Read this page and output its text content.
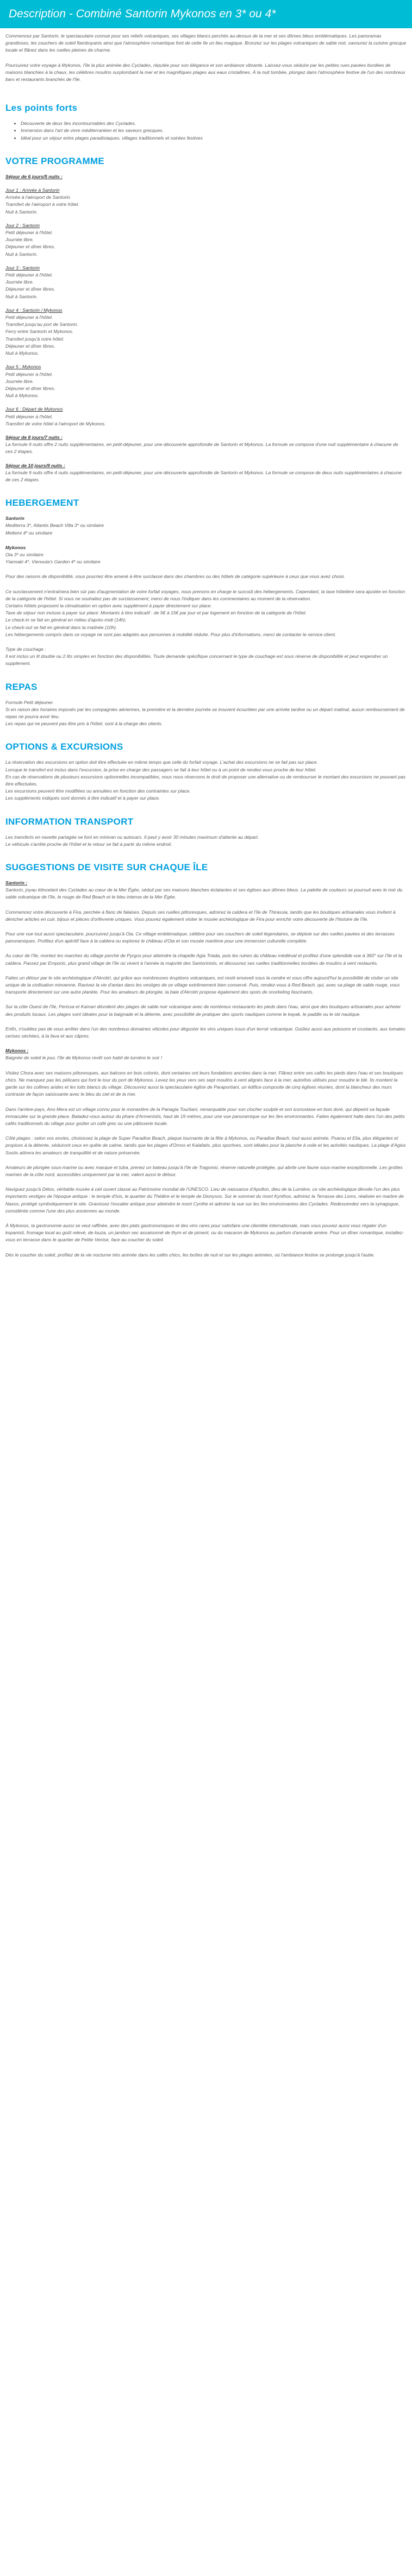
Description - Combiné Santorin Mykonos en 3* ou 4*

Commencez par Santorin, le spectaculaire connue pour ses reliefs volcaniques, ses villages blancs perchés au-dessus de la mer et ses dômes bleus emblématiques. Les panoramas grandioses, les couchers de soleil flamboyants ainsi que l'atmosphère romantique font de cette île un lieu magique. Bronzez sur les plages volcaniques de sable noir, savourez la cuisine grecque locale et flânez dans les ruelles pleines de charme.

Poursuivez votre voyage à Mykonos, l'île la plus animée des Cyclades, réputée pour son élégance et son ambiance vibrante. Laissez-vous séduire par les petites rues pavées bordées de maisons blanchies à la chaux, les célèbres moulins surplombant la mer et les magnifiques plages aux eaux cristallines. À la nuit tombée, plongez dans l'atmosphère festive de l'un des nombreux bars et restaurants branchés de l'île.

Les points forts
• Découverte de deux îles incontournables des Cyclades.
• Immersion dans l'art de vivre méditerranéen et les saveurs grecques.
• Idéal pour un séjour entre plages paradisiaques, villages traditionnels et soirées festives
VOTRE PROGRAMME
Séjour de 6 jours/5 nuits :
Jour 1 : Arrivée à Santorin
Arrivée à l'aéroport de Santorin.
Transfert de l'aéroport à votre hôtel.
Nuit à Santorin.
Jour 2 : Santorin
Petit déjeuner à l'hôtel.
Journée libre.
Déjeuner et dîner libres.
Nuit à Santorin.
Jour 3 : Santorin
Petit déjeuner à l'hôtel.
Journée libre.
Déjeuner et dîner libres.
Nuit à Santorin.
Jour 4 : Santorin / Mykonos
Petit déjeuner à l'hôtel.
Transfert jusqu'au port de Santorin.
Ferry entre Santorin et Mykonos.
Transfert jusqu'à votre hôtel.
Déjeuner et dîner libres.
Nuit à Mykonos.
Jour 5 : Mykonos
Petit déjeuner à l'hôtel.
Journée libre.
Déjeuner et dîner libres.
Nuit à Mykonos.
Jour 6 : Départ de Mykonos
Petit déjeuner à l'hôtel.
Transfert de votre hôtel à l'aéroport de Mykonos.
Séjour de 8 jours/7 nuits :
La formule 9 nuits offre 2 nuits supplémentaires, en petit-déjeuner, pour une découverte approfondie de Santorin et Mykonos. La formule se compose d'une nuit supplémentaire à chacune de ces 2 étapes.
Séjour de 10 jours/9 nuits :
La formule 9 nuits offre 4 nuits supplémentaires, en petit-déjeuner, pour une découverte approfondie de Santorin et Mykonos. La formule se compose de deux nuits supplémentaires à chacune de ces 2 étapes.
HEBERGEMENT
Santorin
Mediterra 3*, Atlantis Beach Villa 3* ou similaire
Meltemi 4* ou similaire
Mykonos
Oia 3* ou similaire
Yiannaki 4*, Vienoula's Garden 4* ou similaire

Pour des raisons de disponibilité, vous pourriez être amené à être surclassé dans des chambres ou des hôtels de catégorie supérieure à ceux que vous avez choisi.

Ce surclassement n'entraînera bien sûr pas d'augmentation de votre forfait voyages, nous prenons en charge le surcoût des hébergements. Cependant, la taxe hôtelière sera ajustée en fonction de la catégorie de l'hôtel. Si vous ne souhaitez pas de surclassement, merci de nous l'indiquer dans les commentaires au moment de la réservation.
Certains hôtels proposent la climatisation en option avec supplément à payer directement sur place.
Taxe de séjour non incluse à payer sur place: Montants à titre indicatif : de 5€ à 15€ par jour et par logement en fonction de la catégorie de l'hôtel.
Le check-in se fait en général en milieu d'après-midi (14h).
Le check-out se fait en général dans la matinée (10h).
Les hébergements compris dans ce voyage ne sont pas adaptés aux personnes à mobilité réduite. Pour plus d'informations, merci de contacter le service client.

Type de couchage :
Il est inclus un lit double ou 2 lits simples en fonction des disponibilités. Toute demande spécifique concernant le type de couchage est sous réserve de disponibilité et peut engendrer un supplément.

REPAS

Formule Petit déjeuner.
Si en raison des horaires imposés par les compagnies aériennes, la première et la dernière journée se trouvent écourtées par une arrivée tardive ou un départ matinal, aucun remboursement de repas ne pourra avoir lieu.
Les repas qui ne peuvent pas être pris à l'hôtel, sont à la charge des clients.

OPTIONS & EXCURSIONS

La réservation des excursions en option doit être effectuée en même temps que celle du forfait voyage. L'achat des excursions ne se fait pas sur place.
Lorsque le transfert est inclus dans l'excursion, la prise en charge des passagers se fait à leur hôtel ou à un point de rendez-vous proche de leur hôtel.
En cas de réservations de plusieurs excursions optionnelles incompatibles, nous nous réservons le droit de proposer une alternative ou de rembourser le montant des excursions ne pouvant pas être effectuées.
Les excursions peuvent être modifiées ou annulées en fonction des contraintes sur place.
Les suppléments indiqués sont donnés à titre indicatif et à payer sur place.

INFORMATION TRANSPORT

Les transferts en navette partagée se font en minivan ou autocars. Il peut y avoir 30 minutes maximum d'attente au départ.
Le véhicule s'arrête proche de l'hôtel et le retour se fait à partir du même endroit.

SUGGESTIONS DE VISITE SUR CHAQUE ÎLE
Santorin :

Santorin, joyau étincelant des Cyclades au cœur de la Mer Égée, séduit par ses maisons blanches éclatantes et ses églises aux dômes bleus. La palette de couleurs se poursuit avec le noir du sable volcanique de l'île, le rouge de Red Beach et le bleu intense de la Mer Égée.

Commencez votre découverte à Fira, perchée à flanc de falaises. Depuis ses ruelles pittoresques, admirez la caldera et l'île de Thirassia, tandis que les boutiques artisanales vous invitent à dénicher articles en cuir, bijoux et pièces d'orfèvrerie uniques. Vous pouvez également visiter le musée archéologique de Fira pour enrichir votre découverte de l'histoire de l'île.

Pour une vue tout aussi spectaculaire, poursuivez jusqu'à Oia. Ce village emblématique, célèbre pour ses couchers de soleil légendaires, se déploie sur des ruelles pavées et des terrasses panoramiques. Profitez d'un apéritif face à la caldera ou explorez le château d'Oia et son musée maritime pour une immersion culturelle complète.

Au cœur de l'île, montez les marches du village perché de Pyrgos pour atteindre la chapelle Agia Triada, puis les ruines du château médiéval et profitez d'une splendide vue à 360° sur l'île et la caldera. Passez par Emporio, plus grand village de l'île où vivent à l'année la majorité des Santoriniots, et découvrez ses ruelles traditionnelles bordées de moulins à vent restaurés.

Faites un détour par le site archéologique d'Akrotiri, qui grâce aux nombreuses éruptions volcaniques, est resté enseveli sous la cendre et vous offre aujourd'hui la possibilité de visiter un site unique de la civilisation minoenne. Ravivez la vie d'antan dans les vestiges de ce village extrêmement bien conservé. Puis, rendez-vous à Red Beach, qui, avec sa plage de sable rouge, vous transporte directement sur une autre planète. Pour les amateurs de plongée, la baie d'Akrotiri propose également des spots de snorkeling fascinants.

Sur la côte Ouest de l'île, Perissa et Kamari dévoilent des plages de sable noir volcanique avec de nombreux restaurants les pieds dans l'eau, ainsi que des boutiques artisanales pour acheter des produits locaux. Les plages sont idéales pour la baignade et la détente, avec possibilité de pratiquer des sports nautiques comme le kayak, le paddle ou le ski nautique.

Enfin, n'oubliez pas de vous arrêter dans l'un des nombreux domaines viticoles pour déguster les vins uniques issus d'un terroir volcanique. Goûtez aussi aux poissons et crustacés, aux tomates cerises séchées, à la fava et aux câpres.

Mykonos :

Baignée de soleil le jour, l'île de Mykonos revêt son habit de lumière le soir !

Visitez Chora avec ses maisons pittoresques, aux balcons en bois colorés, dont certaines ont leurs fondations ancrées dans la mer. Flânez entre ses cafés les pieds dans l'eau et ses boutiques chics. Ne manquez pas les pélicans qui font le tour du port de Mykonos. Levez les yeux vers ses sept moulins à vent alignés face à la mer, autrefois utilisés pour moudre le blé. Ils montent la garde sur les collines arides et les toits blancs du village. Découvrez aussi la spectaculaire église de Paraportiani, un édifice composite de cinq églises réunies, dont la blancheur des murs contraste de façon saisissante avec le bleu du ciel et de la mer.

Dans l'arrière-pays, Ano Mera est un village connu pour le monastère de la Panagia Tourliani, remarquable pour son clocher sculpté et son iconostase en bois doré, qui dépeint sa façade immaculée sur la grande place. Baladez-vous autour du phare d'Armenistis, haut de 19 mètres, pour une vue panoramique sur les îles environnantes. Faites également halte dans l'un des petits cafés traditionnels du village pour goûter un café grec ou une pâtisserie locale.

Côté plages : selon vos envies, choisissez la plage de Super Paradise Beach, plaque tournante de la fête à Mykonos, ou Paradise Beach, tout aussi animée. Psarou et Elia, plus élégantes et propices à la détente, séduiront ceux en quête de calme, tandis que les plages d'Ornos et Kalafatis, plus sportives, sont idéales pour la planche à voile et les activités nautiques. La plage d'Agios Sostis attirera les amateurs de tranquillité et de nature préservée.

Amateurs de plongée sous-marine ou avec masque et tuba, prenez un bateau jusqu'à l'île de Tragonisi, réserve naturelle protégée, qui abrite une faune sous-marine exceptionnelle. Les grottes marines de la côte nord, accessibles uniquement par la mer, valent aussi le détour.

Naviguez jusqu'à Délos, véritable musée à ciel ouvert classé au Patrimoine mondial de l'UNESCO. Lieu de naissance d'Apollon, dieu de la Lumière, ce site archéologique dévoile l'un des plus importants vestiges de l'époque antique : le temple d'Isis, le quartier du Théâtre et le temple de Dionysos. Sur le sommet du mont Kynthos, admirez la Terrasse des Lions, réalisée en marbre de Naxos, protégé symboliquement le site. Gravissez l'escalier antique pour atteindre le mont Cynthe et admirer la vue sur les îles environnantes des Cyclades. Redescendez vers la synagogue, considérée comme l'une des plus anciennes au monde.

À Mykonos, la gastronomie aussi se veut raffinée, avec des plats gastronomiques et des vins rares pour satisfaire une clientèle internationale, mais vous pouvez aussi vous régaler d'un kopanisti, fromage local au goût relevé, de louza, un jambon sec assaisonné de thym et de piment, ou du macaron de Mykonos au parfum d'amande amère. Pour un dîner romantique, installez-vous en terrasse dans le quartier de Petite Venise, face au coucher du soleil.

Dès le coucher du soleil, profitez de la vie nocturne très animée dans les cafés chics, les boîtes de nuit et sur les plages animées, où l'ambiance festive se prolonge jusqu'à l'aube.
